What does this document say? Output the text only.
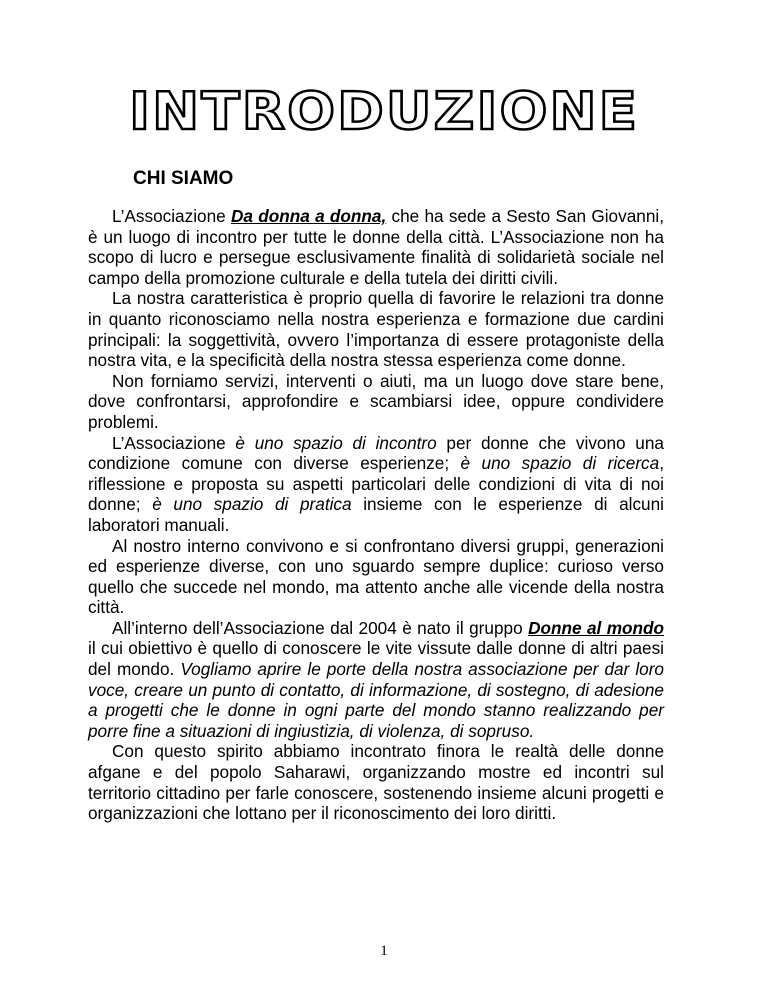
INTRODUZIONE
CHI SIAMO

L’Associazione Da donna a donna, che ha sede a Sesto San Giovanni, è un luogo di incontro per tutte le donne della città. L’Associazione non ha scopo di lucro e persegue esclusivamente finalità di solidarietà sociale nel campo della promozione culturale e della tutela dei diritti civili.

La nostra caratteristica è proprio quella di favorire le relazioni tra donne in quanto riconosciamo nella nostra esperienza e formazione due cardini principali: la soggettività, ovvero l’importanza di essere protagoniste della nostra vita, e la specificità della nostra stessa esperienza come donne.

Non forniamo servizi, interventi o aiuti, ma un luogo dove stare bene, dove confrontarsi, approfondire e scambiarsi idee, oppure condividere problemi.

L’Associazione è uno spazio di incontro per donne che vivono una condizione comune con diverse esperienze; è uno spazio di ricerca, riflessione e proposta su aspetti particolari delle condizioni di vita di noi donne; è uno spazio di pratica insieme con le esperienze di alcuni laboratori manuali.

Al nostro interno convivono e si confrontano diversi gruppi, generazioni ed esperienze diverse, con uno sguardo sempre duplice: curioso verso quello che succede nel mondo, ma attento anche alle vicende della nostra città.

All’interno dell’Associazione dal 2004 è nato il gruppo Donne al mondo il cui obiettivo è quello di conoscere le vite vissute dalle donne di altri paesi del mondo. Vogliamo aprire le porte della nostra associazione per dar loro voce, creare un punto di contatto, di informazione, di sostegno, di adesione a progetti che le donne in ogni parte del mondo stanno realizzando per porre fine a situazioni di ingiustizia, di violenza, di sopruso.

Con questo spirito abbiamo incontrato finora le realtà delle donne afgane e del popolo Saharawi, organizzando mostre ed incontri sul territorio cittadino per farle conoscere, sostenendo insieme alcuni progetti e organizzazioni che lottano per il riconoscimento dei loro diritti.

1
